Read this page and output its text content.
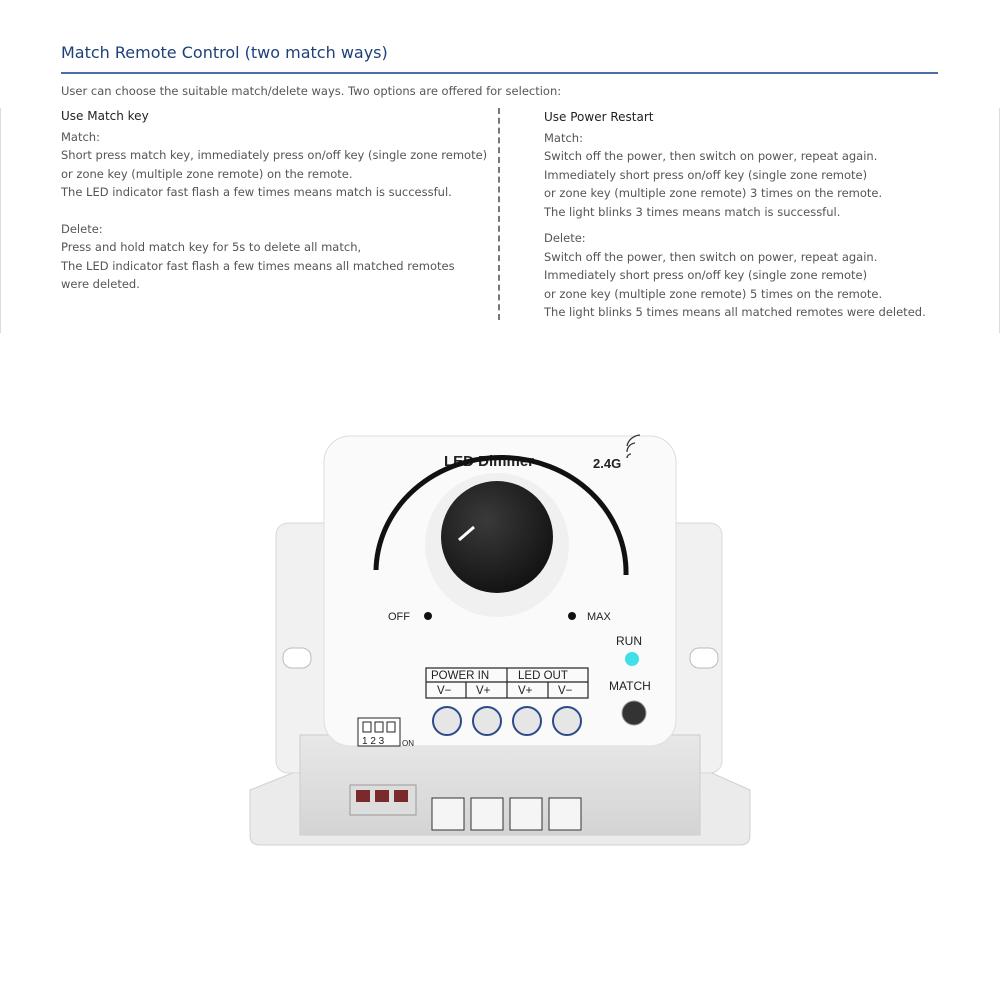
Match Remote Control (two match ways)
User can choose the suitable match/delete ways. Two options are offered for selection:
Use Match key
Match:
Short press match key, immediately press on/off key (single zone remote)
or zone key (multiple zone remote) on the remote.
The LED indicator fast flash a few times means match is successful.
Delete:
Press and hold match key for 5s to delete all match,
The LED indicator fast flash a few times means all matched remotes
were deleted.
Use Power Restart
Match:
Switch off the power, then switch on power, repeat again.
Immediately short press on/off key (single zone remote)
or zone key (multiple zone remote) 3 times on the remote.
The light blinks 3 times means match is successful.
Delete:
Switch off the power, then switch on power, repeat again.
Immediately short press on/off key (single zone remote)
or zone key (multiple zone remote) 5 times on the remote.
The light blinks 5 times means all matched remotes were deleted.
LED Dimmer	2.4G
OFF	MAX
RUN
MATCH
POWER IN	LED OUT
V− V+ V+ V−
1 2 3 ON
